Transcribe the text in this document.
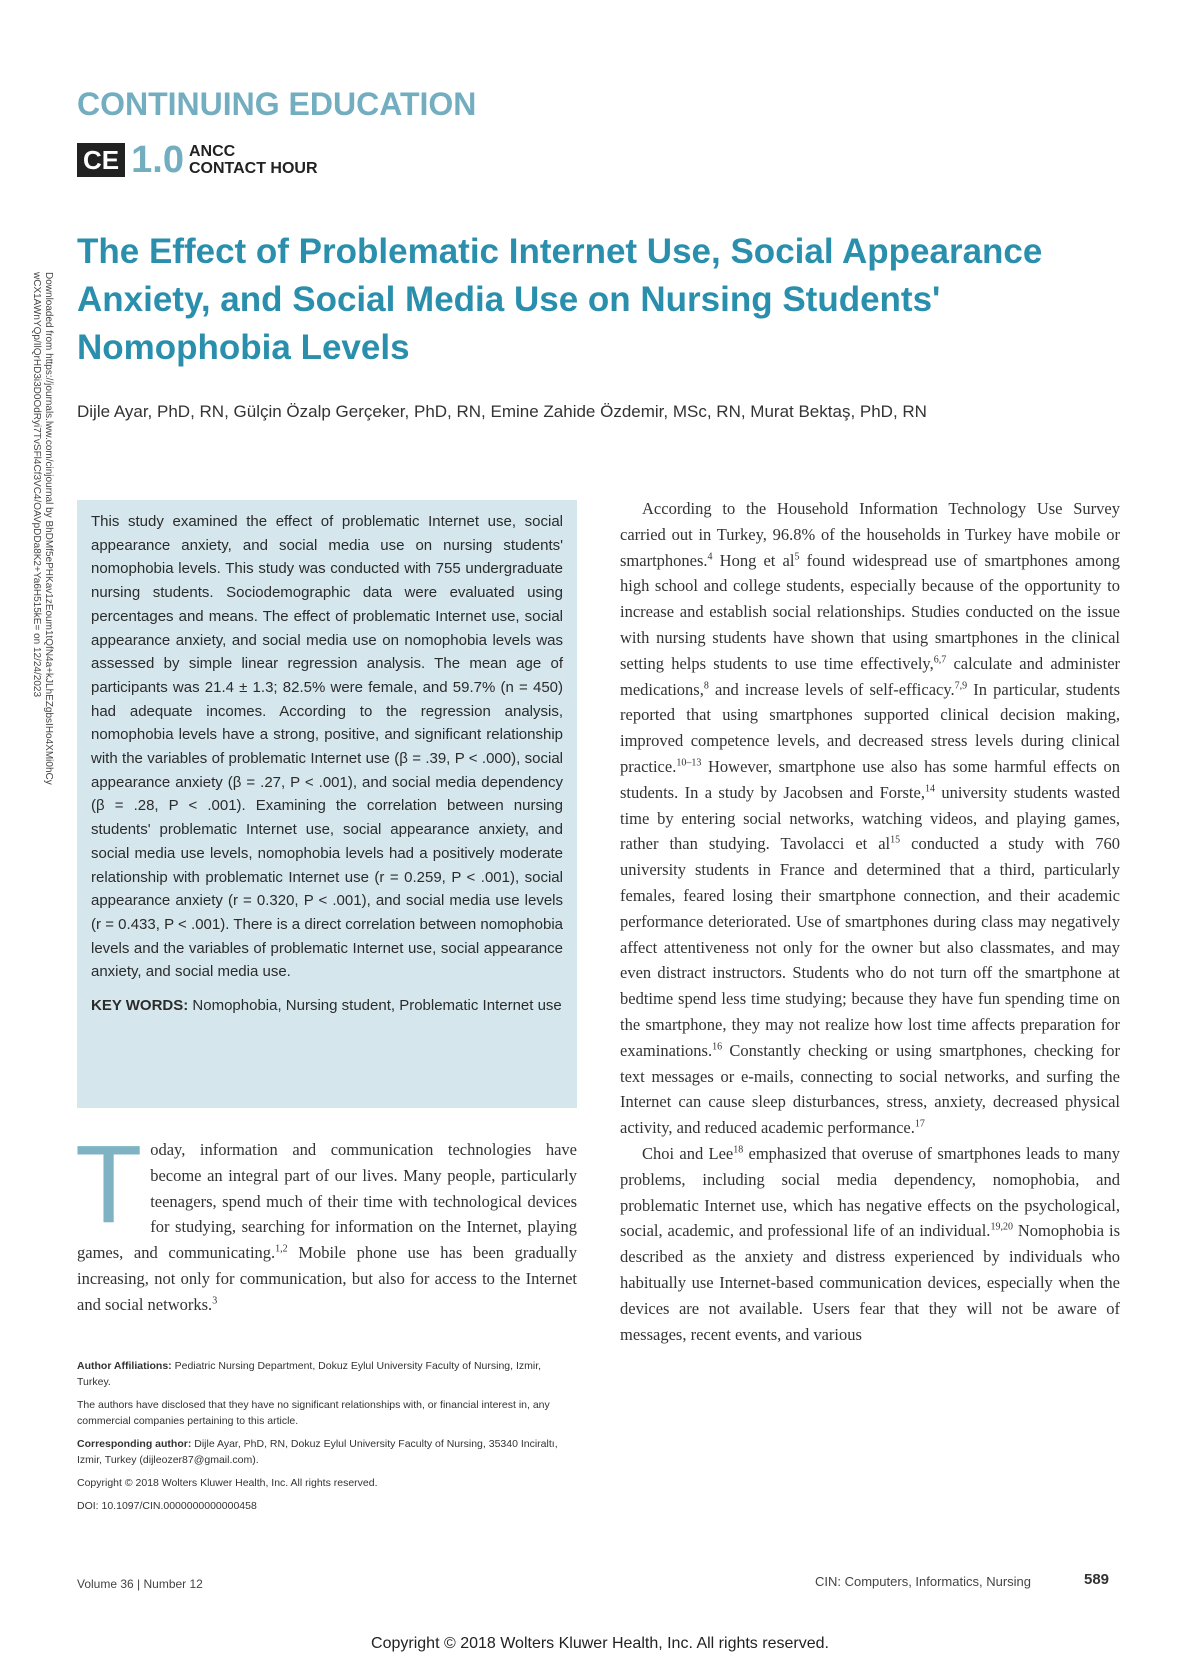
Downloaded from https://journals.lww.com/cinjournal by BhDMf5ePHKav1zEoum1tQfN4a+kJLhEZgbsIHo4XMi0hCy
wCX1AWnYQp/IlQrHD3i3D0OdRyi7TvSFl4Cf3VC4/OAVpDDa8K2+Ya6H515kE= on 12/24/2023
CONTINUING EDUCATION
CE 1.0 ANCC
CONTACT HOUR
The Effect of Problematic Internet Use, Social Appearance Anxiety, and Social Media Use on Nursing Students' Nomophobia Levels
Dijle Ayar, PhD, RN, Gülçin Özalp Gerçeker, PhD, RN, Emine Zahide Özdemir, MSc, RN, Murat Bektaş, PhD, RN

This study examined the effect of problematic Internet use, social appearance anxiety, and social media use on nursing students' nomophobia levels. This study was conducted with 755 undergraduate nursing students. Sociodemographic data were evaluated using percentages and means. The effect of problematic Internet use, social appearance anxiety, and social media use on nomophobia levels was assessed by simple linear regression analysis. The mean age of participants was 21.4 ± 1.3; 82.5% were female, and 59.7% (n = 450) had adequate incomes. According to the regression analysis, nomophobia levels have a strong, positive, and significant relationship with the variables of problematic Internet use (β = .39, P < .000), social appearance anxiety (β = .27, P < .001), and social media dependency (β = .28, P < .001). Examining the correlation between nursing students' problematic Internet use, social appearance anxiety, and social media use levels, nomophobia levels had a positively moderate relationship with problematic Internet use (r = 0.259, P < .001), social appearance anxiety (r = 0.320, P < .001), and social media use levels (r = 0.433, P < .001). There is a direct correlation between nomophobia levels and the variables of problematic Internet use, social appearance anxiety, and social media use.

KEY WORDS: Nomophobia, Nursing student, Problematic Internet use

Today, information and communication technologies have become an integral part of our lives. Many people, particularly teenagers, spend much of their time with technological devices for studying, searching for information on the Internet, playing games, and communicating.$^{1,2}$ Mobile phone use has been gradually increasing, not only for communication, but also for access to the Internet and social networks.$^3$

Author Affiliations: Pediatric Nursing Department, Dokuz Eylul University Faculty of Nursing, Izmir, Turkey.

The authors have disclosed that they have no significant relationships with, or financial interest in, any commercial companies pertaining to this article.

Corresponding author: Dijle Ayar, PhD, RN, Dokuz Eylul University Faculty of Nursing, 35340 Inciraltı, Izmir, Turkey (dijleozer87@gmail.com).

Copyright © 2018 Wolters Kluwer Health, Inc. All rights reserved.

DOI: 10.1097/CIN.0000000000000458

According to the Household Information Technology Use Survey carried out in Turkey, 96.8% of the households in Turkey have mobile or smartphones.$^4$ Hong et $al^5$ found widespread use of smartphones among high school and college students, especially because of the opportunity to increase and establish social relationships. Studies conducted on the issue with nursing students have shown that using smartphones in the clinical setting helps students to use time effectively,$^{6,7}$ calculate and administer medications,$^8$ and increase levels of self-efficacy.$^{7,9}$ In particular, students reported that using smartphones supported clinical decision making, improved competence levels, and decreased stress levels during clinical practice.$^{10-13}$ However, smartphone use also has some harmful effects on students. In a study by Jacobsen and Forste,$^{14}$ university students wasted time by entering social networks, watching videos, and playing games, rather than studying. Tavolacci et $al^{15}$ conducted a study with 760 university students in France and determined that a third, particularly females, feared losing their smartphone connection, and their academic performance deteriorated. Use of smartphones during class may negatively affect attentiveness not only for the owner but also classmates, and may even distract instructors. Students who do not turn off the smartphone at bedtime spend less time studying; because they have fun spending time on the smartphone, they may not realize how lost time affects preparation for examinations.$^{16}$ Constantly checking or using smartphones, checking for text messages or e-mails, connecting to social networks, and surfing the Internet can cause sleep disturbances, stress, anxiety, decreased physical activity, and reduced academic performance.$^{17}$

Choi and Lee$^{18}$ emphasized that overuse of smartphones leads to many problems, including social media dependency, nomophobia, and problematic Internet use, which has negative effects on the psychological, social, academic, and professional life of an individual.$^{19,20}$ Nomophobia is described as the anxiety and distress experienced by individuals who habitually use Internet-based communication devices, especially when the devices are not available. Users fear that they will not be aware of messages, recent events, and various

Volume 36 | Number 12	CIN: Computers, Informatics, Nursing	589
Copyright © 2018 Wolters Kluwer Health, Inc. All rights reserved.
